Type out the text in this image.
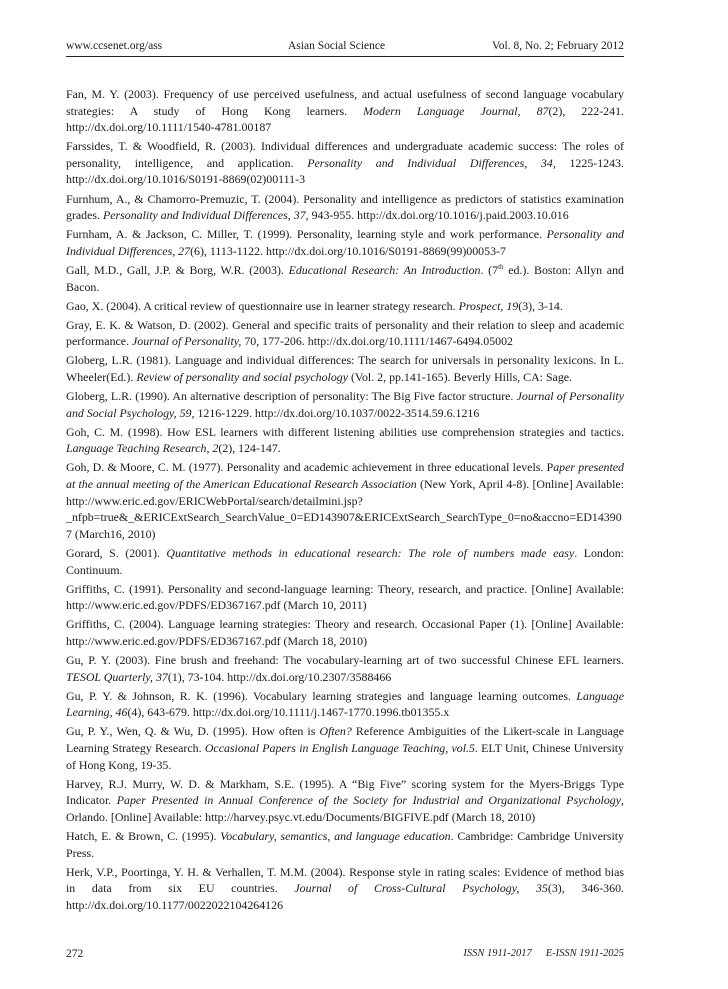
www.ccsenet.org/ass	Asian Social Science	Vol. 8, No. 2; February 2012

Fan, M. Y. (2003). Frequency of use perceived usefulness, and actual usefulness of second language vocabulary strategies: A study of Hong Kong learners. Modern Language Journal, 87(2), 222-241. http://dx.doi.org/10.1111/1540-4781.00187

Farssides, T. & Woodfield, R. (2003). Individual differences and undergraduate academic success: The roles of personality, intelligence, and application. Personality and Individual Differences, 34, 1225-1243. http://dx.doi.org/10.1016/S0191-8869(02)00111-3

Furnhum, A., & Chamorro-Premuzic, T. (2004). Personality and intelligence as predictors of statistics examination grades. Personality and Individual Differences, 37, 943-955. http://dx.doi.org/10.1016/j.paid.2003.10.016

Furnham, A. & Jackson, C. Miller, T. (1999). Personality, learning style and work performance. Personality and Individual Differences, 27(6), 1113-1122. http://dx.doi.org/10.1016/S0191-8869(99)00053-7

Gall, M.D., Gall, J.P. & Borg, W.R. (2003). Educational Research: An Introduction. (7th ed.). Boston: Allyn and Bacon.

Gao, X. (2004). A critical review of questionnaire use in learner strategy research. Prospect, 19(3), 3-14.

Gray, E. K. & Watson, D. (2002). General and specific traits of personality and their relation to sleep and academic performance. Journal of Personality, 70, 177-206. http://dx.doi.org/10.1111/1467-6494.05002

Globerg, L.R. (1981). Language and individual differences: The search for universals in personality lexicons. In L. Wheeler(Ed.). Review of personality and social psychology (Vol. 2, pp.141-165). Beverly Hills, CA: Sage.

Globerg, L.R. (1990). An alternative description of personality: The Big Five factor structure. Journal of Personality and Social Psychology, 59, 1216-1229. http://dx.doi.org/10.1037/0022-3514.59.6.1216

Goh, C. M. (1998). How ESL learners with different listening abilities use comprehension strategies and tactics. Language Teaching Research, 2(2), 124-147.

Goh, D. & Moore, C. M. (1977). Personality and academic achievement in three educational levels. Paper presented at the annual meeting of the American Educational Research Association (New York, April 4-8). [Online] Available: http://www.eric.ed.gov/ERICWebPortal/search/detailmini.jsp?_nfpb=true&_&ERICExtSearch_SearchValue_0=ED143907&ERICExtSearch_SearchType_0=no&accno=ED143907 (March16, 2010)

Gorard, S. (2001). Quantitative methods in educational research: The role of numbers made easy. London: Continuum.

Griffiths, C. (1991). Personality and second-language learning: Theory, research, and practice. [Online] Available: http://www.eric.ed.gov/PDFS/ED367167.pdf (March 10, 2011)

Griffiths, C. (2004). Language learning strategies: Theory and research. Occasional Paper (1). [Online] Available: http://www.eric.ed.gov/PDFS/ED367167.pdf (March 18, 2010)

Gu, P. Y. (2003). Fine brush and freehand: The vocabulary-learning art of two successful Chinese EFL learners. TESOL Quarterly, 37(1), 73-104. http://dx.doi.org/10.2307/3588466

Gu, P. Y. & Johnson, R. K. (1996). Vocabulary learning strategies and language learning outcomes. Language Learning, 46(4), 643-679. http://dx.doi.org/10.1111/j.1467-1770.1996.tb01355.x

Gu, P. Y., Wen, Q. & Wu, D. (1995). How often is Often? Reference Ambiguities of the Likert-scale in Language Learning Strategy Research. Occasional Papers in English Language Teaching, vol.5. ELT Unit, Chinese University of Hong Kong, 19-35.

Harvey, R.J. Murry, W. D. & Markham, S.E. (1995). A “Big Five” scoring system for the Myers-Briggs Type Indicator. Paper Presented in Annual Conference of the Society for Industrial and Organizational Psychology, Orlando. [Online] Available: http://harvey.psyc.vt.edu/Documents/BIGFIVE.pdf (March 18, 2010)

Hatch, E. & Brown, C. (1995). Vocabulary, semantics, and language education. Cambridge: Cambridge University Press.

Herk, V.P., Poortinga, Y. H. & Verhallen, T. M.M. (2004). Response style in rating scales: Evidence of method bias in data from six EU countries. Journal of Cross-Cultural Psychology, 35(3), 346-360. http://dx.doi.org/10.1177/0022022104264126

272	ISSN 1911-2017 E-ISSN 1911-2025
